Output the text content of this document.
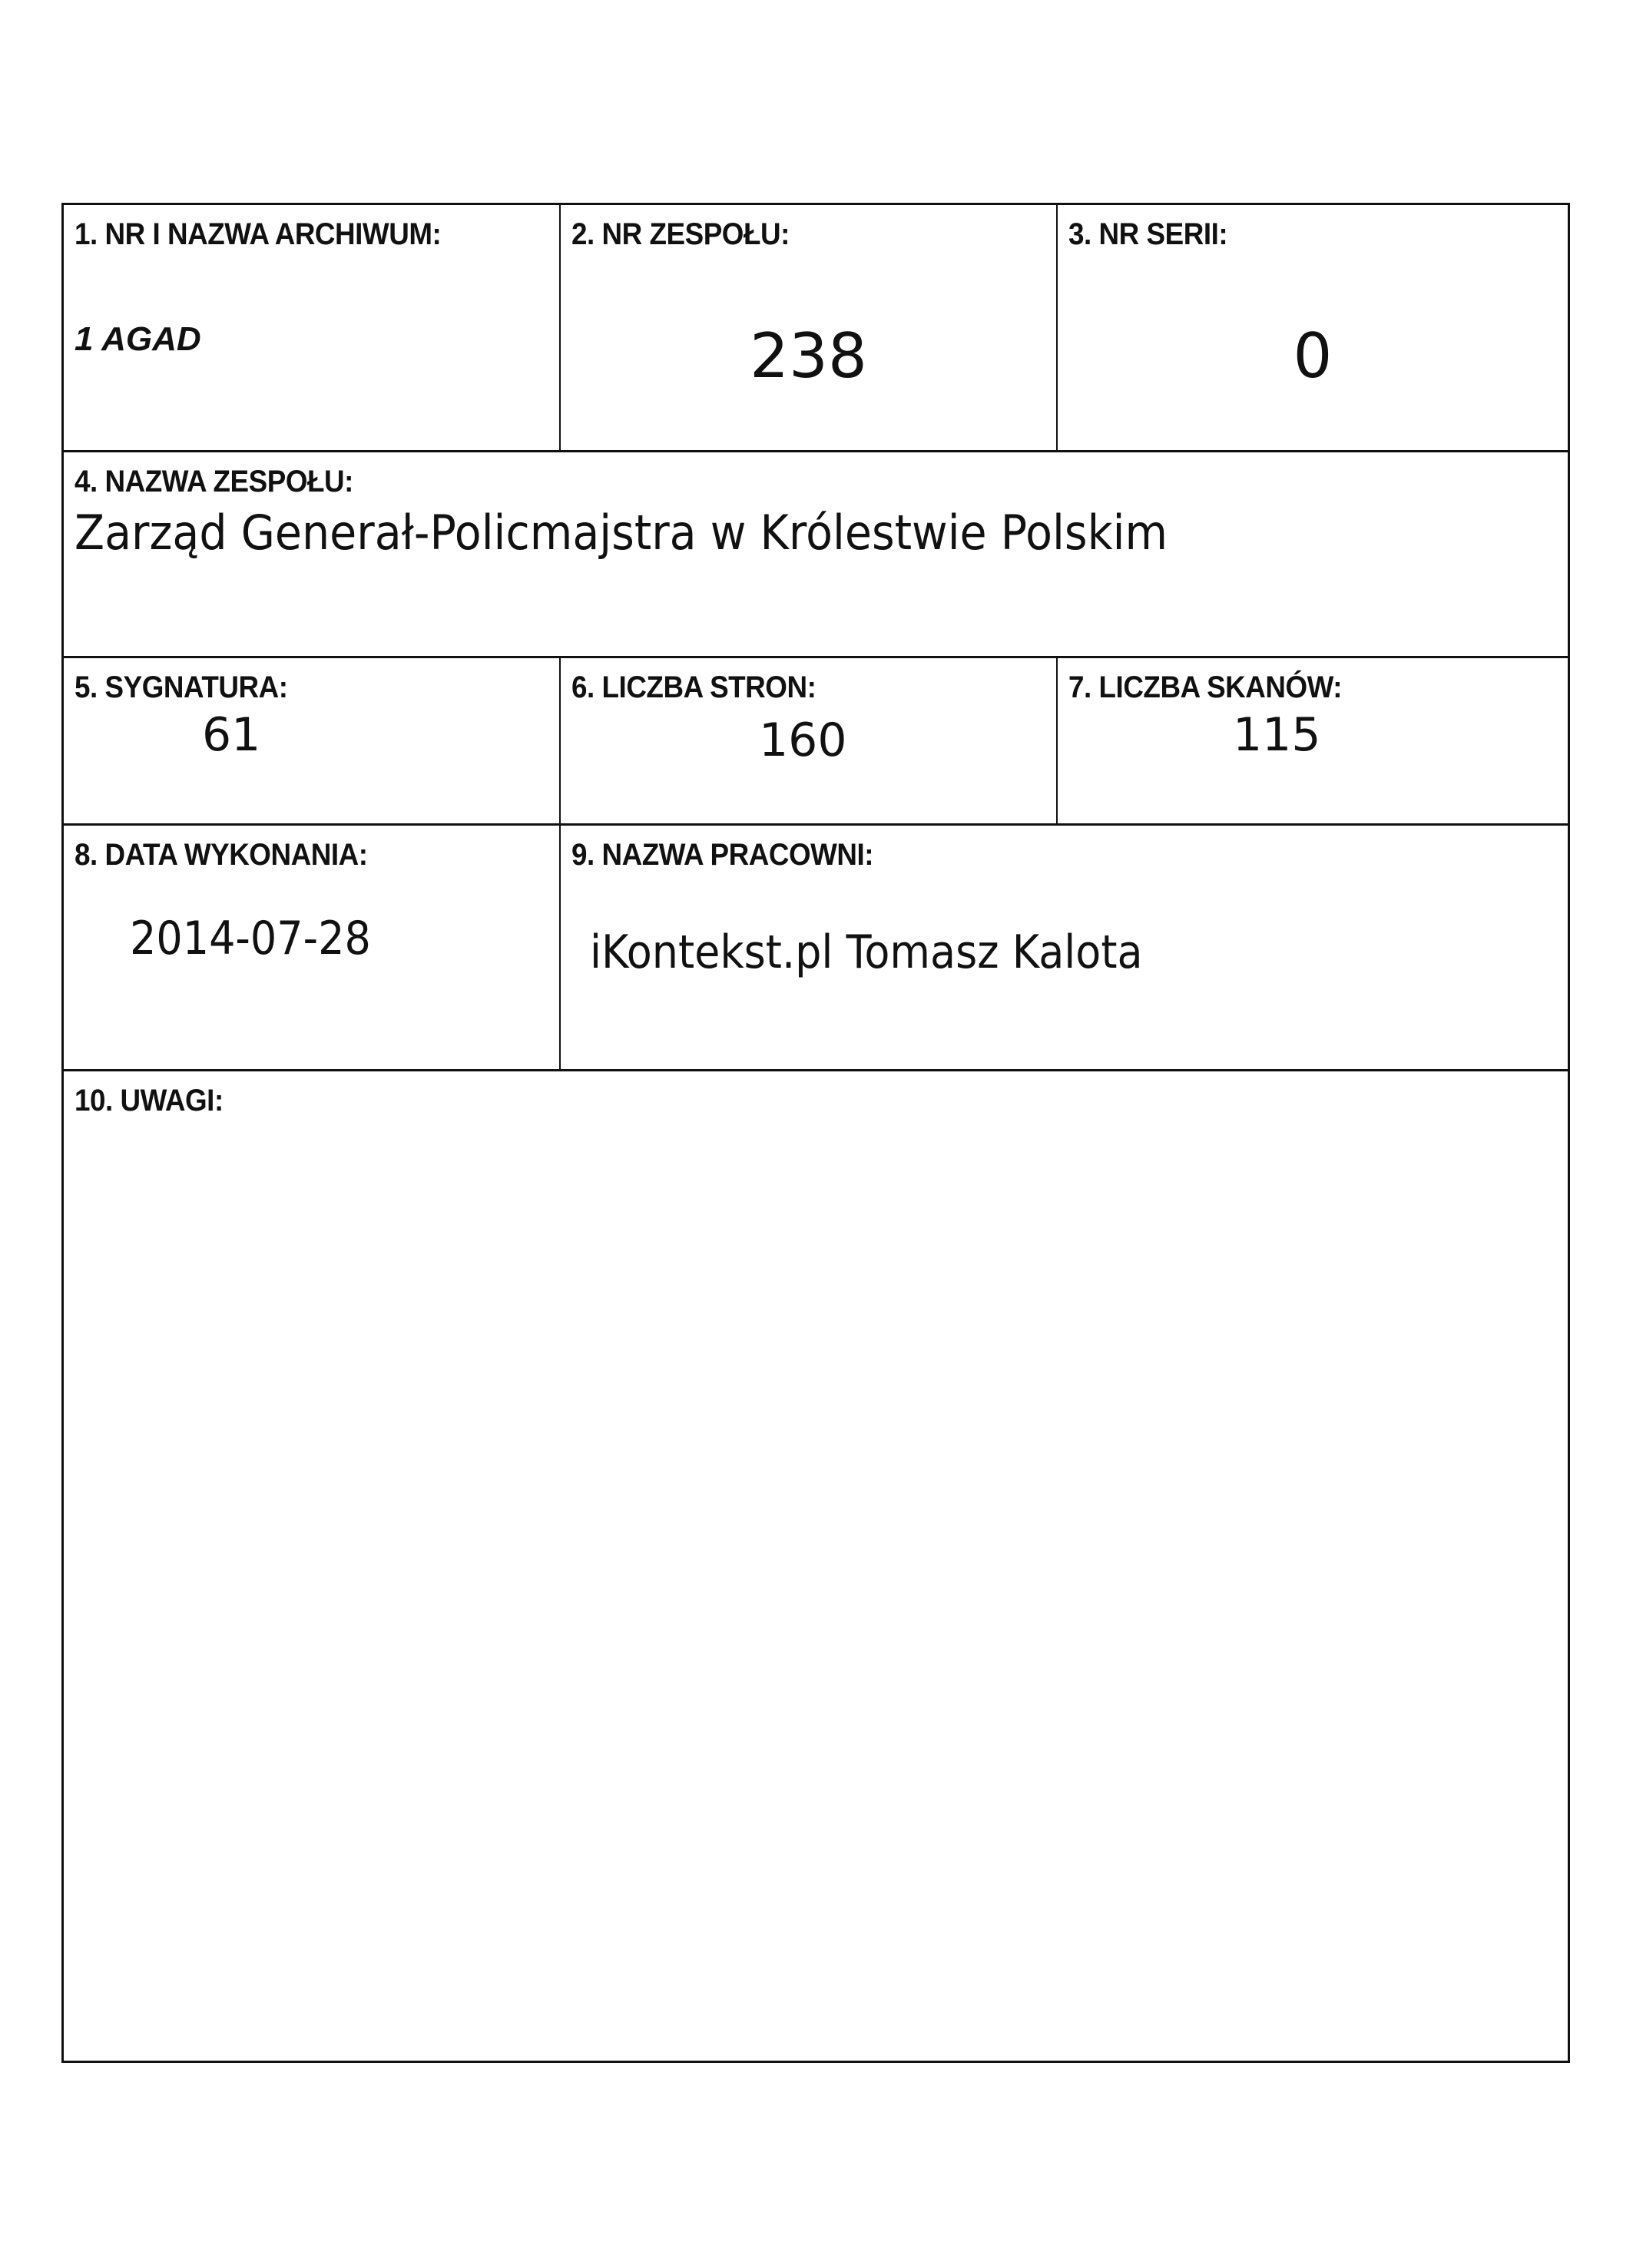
1. NR I NAZWA ARCHIWUM:
1 AGAD
2. NR ZESPOŁU:
238
3. NR SERII:
0
4. NAZWA ZESPOŁU:
Zarząd Generał-Policmajstra w Królestwie Polskim
5. SYGNATURA:
61
6. LICZBA STRON:
160
7. LICZBA SKANÓW:
115
8. DATA WYKONANIA:
2014-07-28
9. NAZWA PRACOWNI:
iKontekst.pl Tomasz Kalota
10. UWAGI:
